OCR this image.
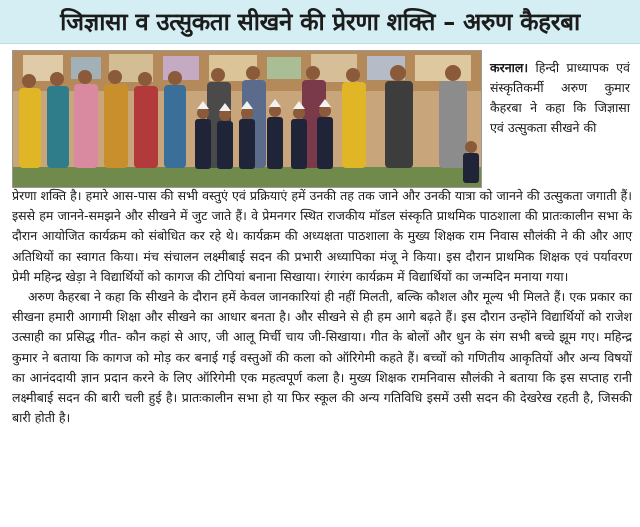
जिज्ञासा व उत्सुकता सीखने की प्रेरणा शक्ति – अरुण कैहरबा
करनाल। हिन्दी प्राध्यापक एवं संस्कृतिकर्मी अरुण कुमार कैहरबा ने कहा कि जिज्ञासा एवं उत्सुकता सीखने की

प्रेरणा शक्ति है। हमारे आस-पास की सभी वस्तुएं एवं प्रक्रियाएं हमें उनकी तह तक जाने और उनकी यात्रा को जानने की उत्सुकता जगाती हैं। इससे हम जानने-समझने और सीखने में जुट जाते हैं। वे प्रेमनगर स्थित राजकीय मॉडल संस्कृति प्राथमिक पाठशाला की प्रातःकालीन सभा के दौरान आयोजित कार्यक्रम को संबोधित कर रहे थे। कार्यक्रम की अध्यक्षता पाठशाला के मुख्य शिक्षक राम निवास सौलंकी ने की और आए अतिथियों का स्वागत किया। मंच संचालन लक्ष्मीबाई सदन की प्रभारी अध्यापिका मंजू ने किया। इस दौरान प्राथमिक शिक्षक एवं पर्यावरण प्रेमी महिन्द्र खेड़ा ने विद्यार्थियों को कागज की टोपियां बनाना सिखाया। रंगारंग कार्यक्रम में विद्यार्थियों का जन्मदिन मनाया गया।

अरुण कैहरबा ने कहा कि सीखने के दौरान हमें केवल जानकारियां ही नहीं मिलती, बल्कि कौशल और मूल्य भी मिलते हैं। एक प्रकार का सीखना हमारी आगामी शिक्षा और सीखने का आधार बनता है। और सीखने से ही हम आगे बढ़ते हैं। इस दौरान उन्होंने विद्यार्थियों को राजेश उत्साही का प्रसिद्ध गीत- कौन कहां से आए, जी आलू मिर्ची चाय जी-सिखाया। गीत के बोलों और धुन के संग सभी बच्चे झूम गए। महिन्द्र कुमार ने बताया कि कागज को मोड़ कर बनाई गई वस्तुओं की कला को ऑरिगेमी कहते हैं। बच्चों को गणितीय आकृतियों और अन्य विषयों का आनंददायी ज्ञान प्रदान करने के लिए ऑरिगेमी एक महत्वपूर्ण कला है। मुख्य शिक्षक रामनिवास सौलंकी ने बताया कि इस सप्ताह रानी लक्ष्मीबाई सदन की बारी चली हुई है। प्रातःकालीन सभा हो या फिर स्कूल की अन्य गतिविधि इसमें उसी सदन की देखरेख रहती है, जिसकी बारी होती है।
